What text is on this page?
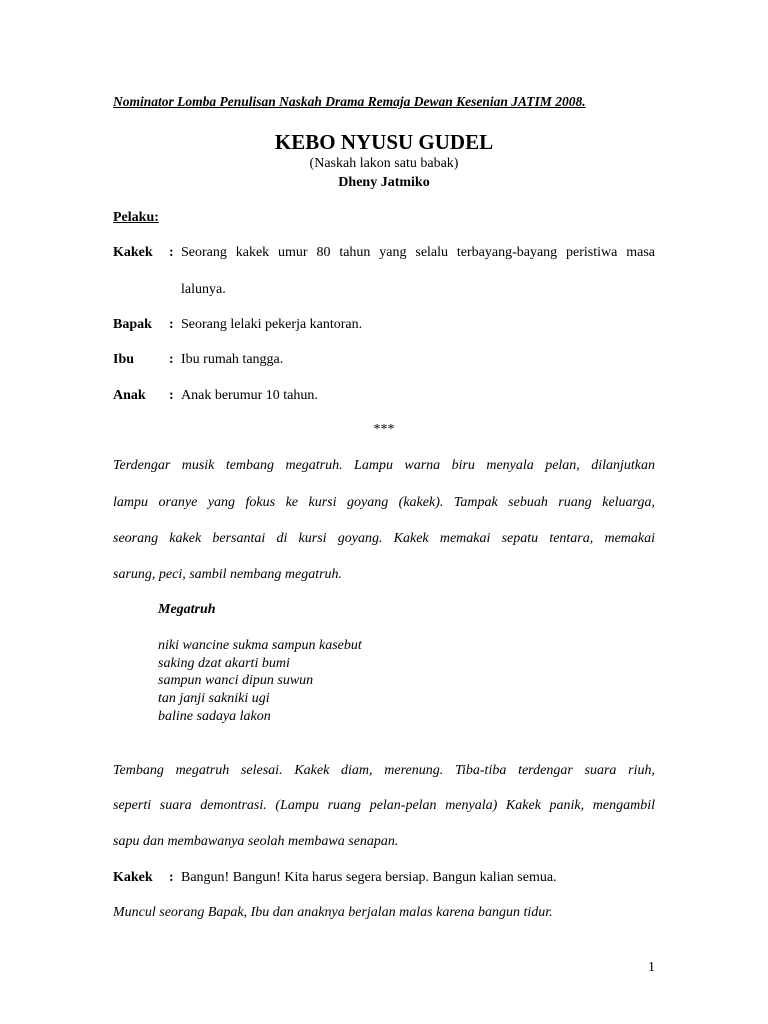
Nominator Lomba Penulisan Naskah Drama Remaja Dewan Kesenian JATIM 2008.
KEBO NYUSU GUDEL
(Naskah lakon satu babak)
Dheny Jatmiko
Pelaku:
Kakek : Seorang kakek umur 80 tahun yang selalu terbayang-bayang peristiwa masa
lalunya.
Bapak : Seorang lelaki pekerja kantoran.
Ibu : Ibu rumah tangga.
Anak : Anak berumur 10 tahun.
***
Terdengar musik tembang megatruh. Lampu warna biru menyala pelan, dilanjutkan
lampu oranye yang fokus ke kursi goyang (kakek). Tampak sebuah ruang keluarga,
seorang kakek bersantai di kursi goyang. Kakek memakai sepatu tentara, memakai
sarung, peci, sambil nembang megatruh.
Megatruh
niki wancine sukma sampun kasebut
saking dzat akarti bumi
sampun wanci dipun suwun
tan janji sakniki ugi
baline sadaya lakon
Tembang megatruh selesai. Kakek diam, merenung. Tiba-tiba terdengar suara riuh,
seperti suara demontrasi. (Lampu ruang pelan-pelan menyala) Kakek panik, mengambil
sapu dan membawanya seolah membawa senapan.
Kakek : Bangun! Bangun! Kita harus segera bersiap. Bangun kalian semua.
Muncul seorang Bapak, Ibu dan anaknya berjalan malas karena bangun tidur.
1
